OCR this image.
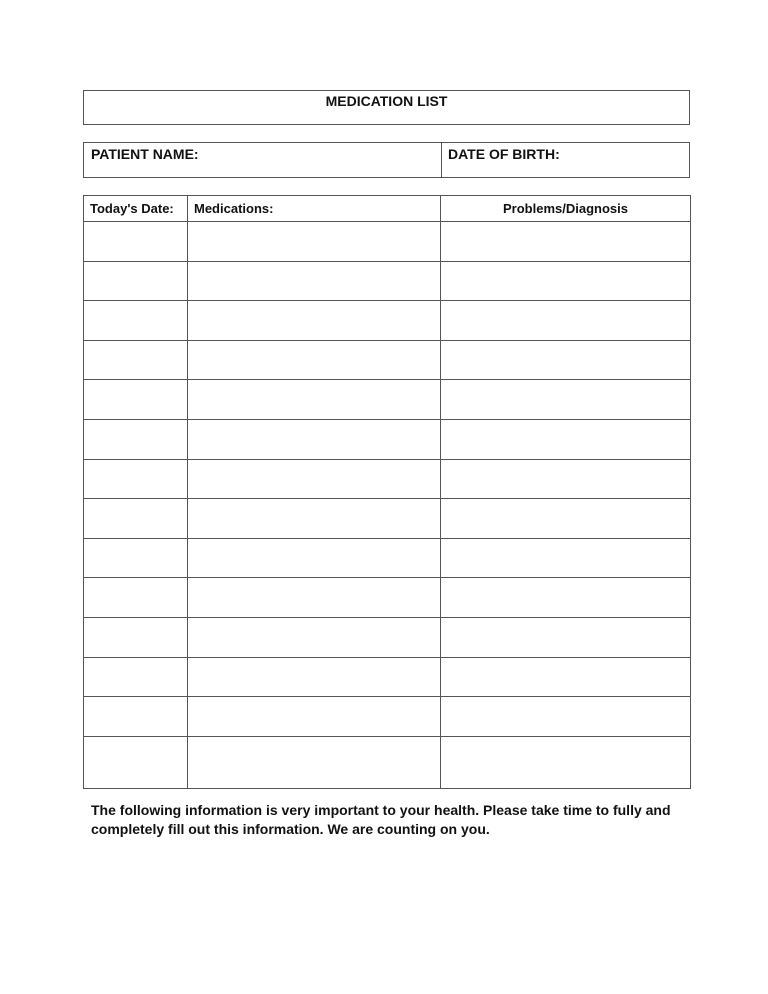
MEDICATION LIST
PATIENT NAME:	DATE OF BIRTH:
Today's Date:	Medications:	Problems/Diagnosis

The following information is very important to your health. Please take time to fully and completely fill out this information. We are counting on you.
